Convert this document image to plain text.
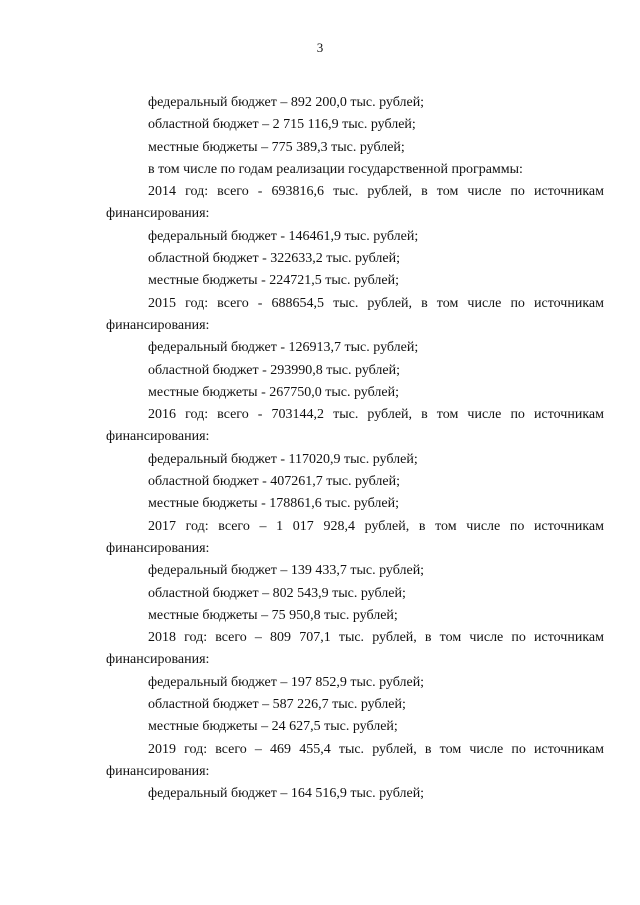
3
федеральный бюджет – 892 200,0 тыс. рублей;
областной бюджет – 2 715 116,9 тыс. рублей;
местные бюджеты – 775 389,3 тыс. рублей;
в том числе по годам реализации государственной программы:
2014 год: всего - 693816,6 тыс. рублей, в том числе по источникам
финансирования:
федеральный бюджет - 146461,9 тыс. рублей;
областной бюджет - 322633,2 тыс. рублей;
местные бюджеты - 224721,5 тыс. рублей;
2015 год: всего - 688654,5 тыс. рублей, в том числе по источникам
финансирования:
федеральный бюджет - 126913,7 тыс. рублей;
областной бюджет - 293990,8 тыс. рублей;
местные бюджеты - 267750,0 тыс. рублей;
2016 год: всего - 703144,2 тыс. рублей, в том числе по источникам
финансирования:
федеральный бюджет - 117020,9 тыс. рублей;
областной бюджет - 407261,7 тыс. рублей;
местные бюджеты - 178861,6 тыс. рублей;
2017 год: всего – 1 017 928,4 рублей, в том числе по источникам
финансирования:
федеральный бюджет – 139 433,7 тыс. рублей;
областной бюджет – 802 543,9 тыс. рублей;
местные бюджеты – 75 950,8 тыс. рублей;
2018 год: всего – 809 707,1 тыс. рублей, в том числе по источникам
финансирования:
федеральный бюджет – 197 852,9 тыс. рублей;
областной бюджет – 587 226,7 тыс. рублей;
местные бюджеты – 24 627,5 тыс. рублей;
2019 год: всего – 469 455,4 тыс. рублей, в том числе по источникам
финансирования:
федеральный бюджет – 164 516,9 тыс. рублей;
